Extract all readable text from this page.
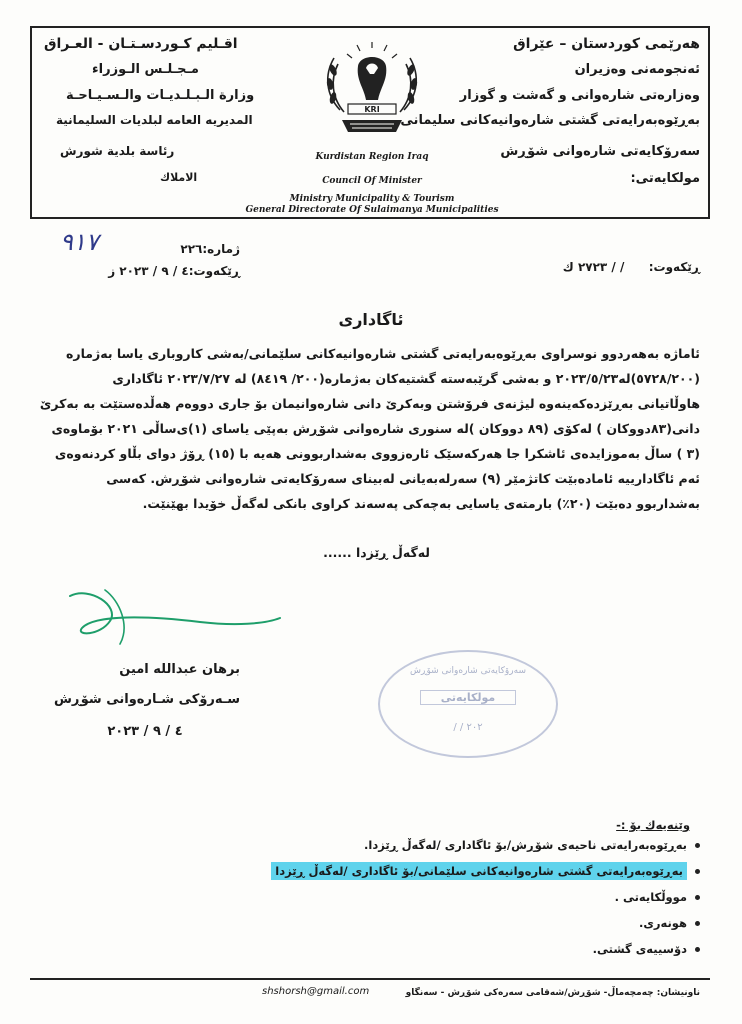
هەرێمی کوردستان – عێراق
ئەنجومەنی وەزیران
وەزارەتی شارەوانی و گەشت و گوزار
بەڕێوەبەرایەتی گشتی شارەوانیەکانی سلیمانی
سەرۆکایەتی شارەوانی شۆڕش
مولکایەتی:
اقـليم كـوردسـتـان - العـراق
مـجـلـس الـوزراء
وزارة الـبـلـديـات والـسـيـاحـة
المديريه العامه لبلديات السليمانية
رئاسة بلدية شورش
الاملاك
KRI
Kurdistan Region Iraq
Council Of Minister
Ministry Municipality & Tourism
General Directorate Of Sulaimanya Municipalities
ڕێکەوت:  / / ٢٧٢٣ ك
٩١٧	ژمارە:٢٢٦
ڕێکەوت:٤ / ٩ / ٢٠٢٣ ز
ئاگاداری
ئاماژە بەهەردوو نوسراوی بەڕێوەبەرایەتی گشتی شارەوانیەکانی سلێمانی/بەشی کاروباری یاسا بەژمارە
(٥٧٢٨/٢٠٠)لە٢٠٢٣/٥/٢٣ و بەشی گرێبەستە گشتیەکان بەژمارە(٢٠٠/ ٨٤١٩) لە ٢٠٢٣/٧/٢٧ ئاگاداری
هاوڵاتیانی بەڕێزدەکەینەوە لیژنەی فرۆشتن وبەکرێ دانی شارەوانیمان بۆ جاری دووەم هەڵدەستێت بە بەکرێ
دانی(٨٣دووکان ) لەکۆی (٨٩ دووکان )لە سنوری شارەوانی شۆڕش بەپێی یاسای (١)ی‌ساڵی ٢٠٢١ بۆماوەی
(٣ ) ساڵ بەموزایدەی ئاشکرا جا هەرکەسێک ئارەزووی بەشداربوونی هەیە با (١٥) ڕۆژ دوای بڵاو کردنەوەی
ئەم ئاگادارییە ئامادەبێت کاتژمێر (٩) سەرلەبەیانی لەبینای سەرۆکایەتی شارەوانی شۆڕش. کەسی
بەشداربوو دەبێت (٢٠٪) بارمتەی یاسایی بەچەکی پەسەند کراوی بانکی لەگەڵ خۆیدا بهێنێت.
لەگەڵ ڕێزدا ......
برهان عبدالله امين
سـەرۆكی شـارەوانی شۆڕش
٤ / ٩ / ٢٠٢٣
سەرۆکایەتی شارەوانی شۆڕش
مولکایەتی
/ / ٢٠٢
وێنەیەك بۆ :-
بەڕێوەبەرایەتی ناحیەی شۆڕش/بۆ ئاگاداری /لەگەڵ ڕێزدا.
بەڕێوەبەرایەتی گشتی شارەوانیەکانی سلێمانی/بۆ ئاگاداری /لەگەڵ ڕێزدا
مووڵکایەتی .
هونەری.
دۆسییەی گشتی.
shshorsh@gmail.com	ناونیشان: چەمچەماڵ- شۆڕش/شەقامی سەرەکی شۆڕش - سەنگاو
